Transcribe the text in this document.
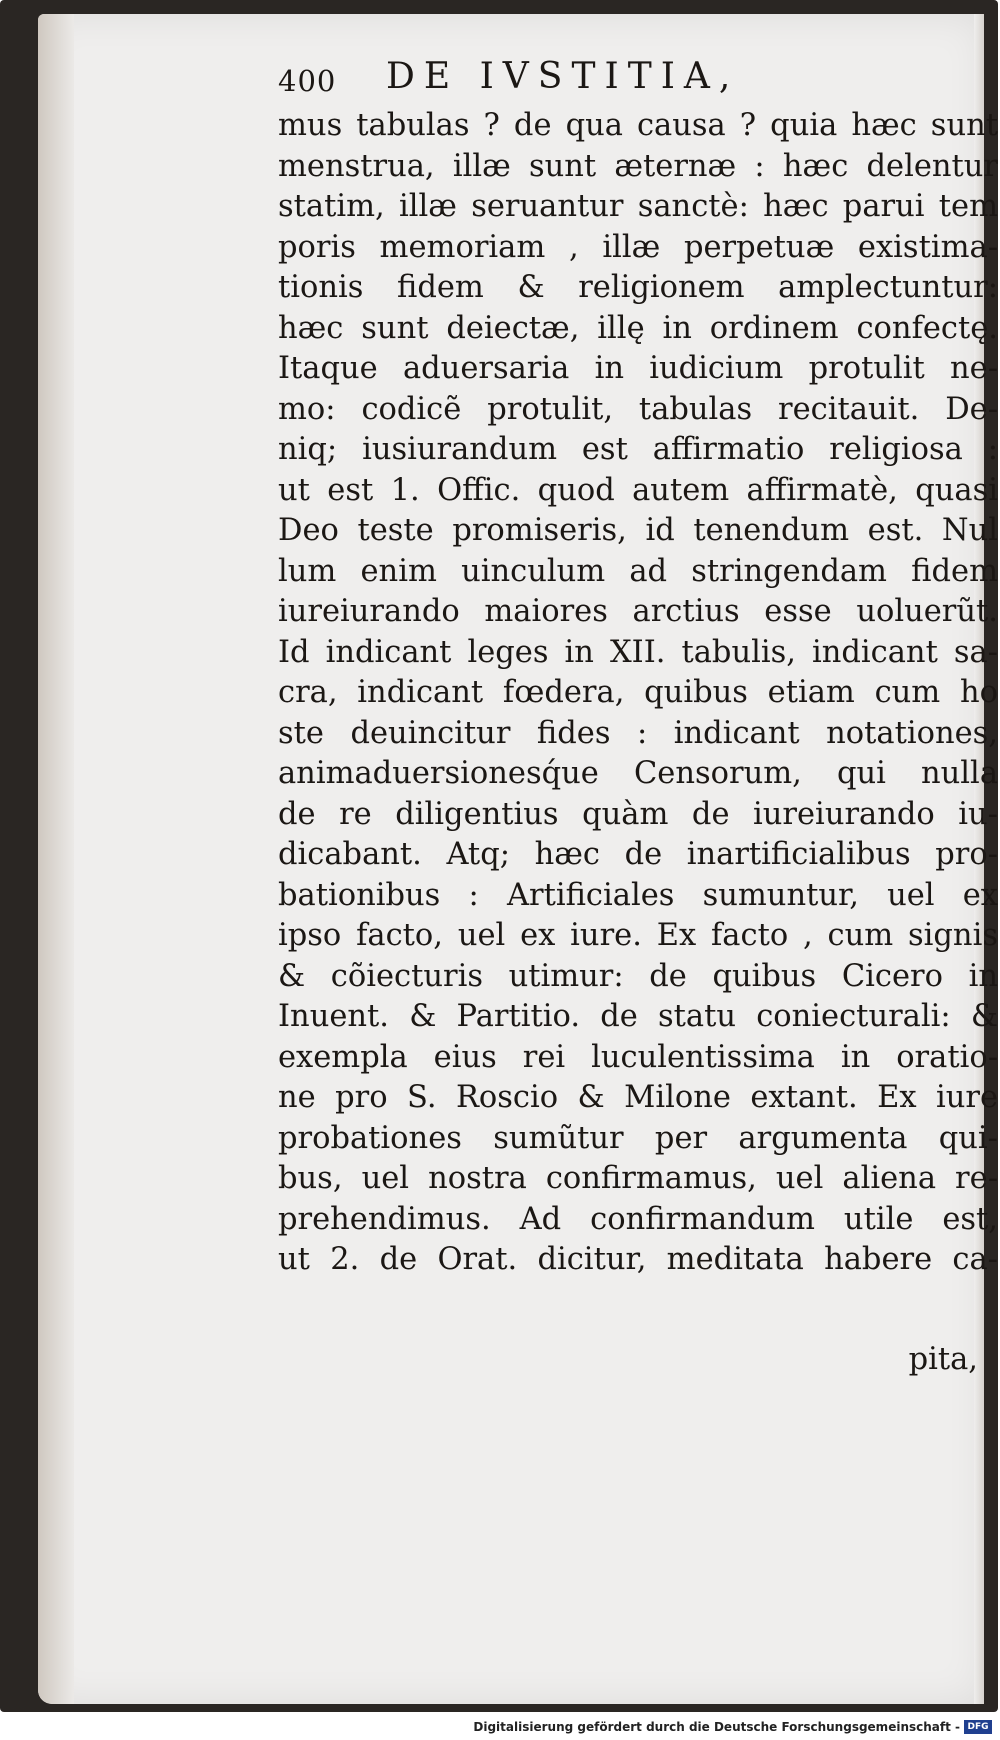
400 DE IVSTITIA,
mus tabulas ? de qua causa ? quia hæc sunt
menstrua, illæ sunt æternæ : hæc delentur
statim, illæ seruantur sanctè: hæc parui tem
poris memoriam , illæ perpetuæ existima-
tionis fidem & religionem amplectuntur:
hæc sunt deiectæ, illę in ordinem confectę.
Itaque aduersaria in iudicium protulit ne-
mo: codicẽ protulit, tabulas recitauit. De-
niq; iusiurandum est affirmatio religiosa :
ut est 1. Offic. quod autem affirmatè, quasi
Deo teste promiseris, id tenendum est. Nul
lum enim uinculum ad stringendam fidem
iureiurando maiores arctius esse uoluerũt.
Id indicant leges in XII. tabulis, indicant sa-
cra, indicant fœdera, quibus etiam cum ho
ste deuincitur fides : indicant notationes,
animaduersionesq́ue Censorum, qui nulla
de re diligentius quàm de iureiurando iu-
dicabant. Atq; hæc de inartificialibus pro-
bationibus : Artificiales sumuntur, uel ex
ipso facto, uel ex iure. Ex facto , cum signis
& cõiecturis utimur: de quibus Cicero in
Inuent. & Partitio. de statu coniecturali: &
exempla eius rei luculentissima in oratio-
ne pro S. Roscio & Milone extant. Ex iure
probationes sumũtur per argumenta qui-
bus, uel nostra confirmamus, uel aliena re-
prehendimus. Ad confirmandum utile est,
ut 2. de Orat. dicitur, meditata habere ca-
pita,
Digitalisierung gefördert durch die Deutsche Forschungsgemeinschaft - DFG
